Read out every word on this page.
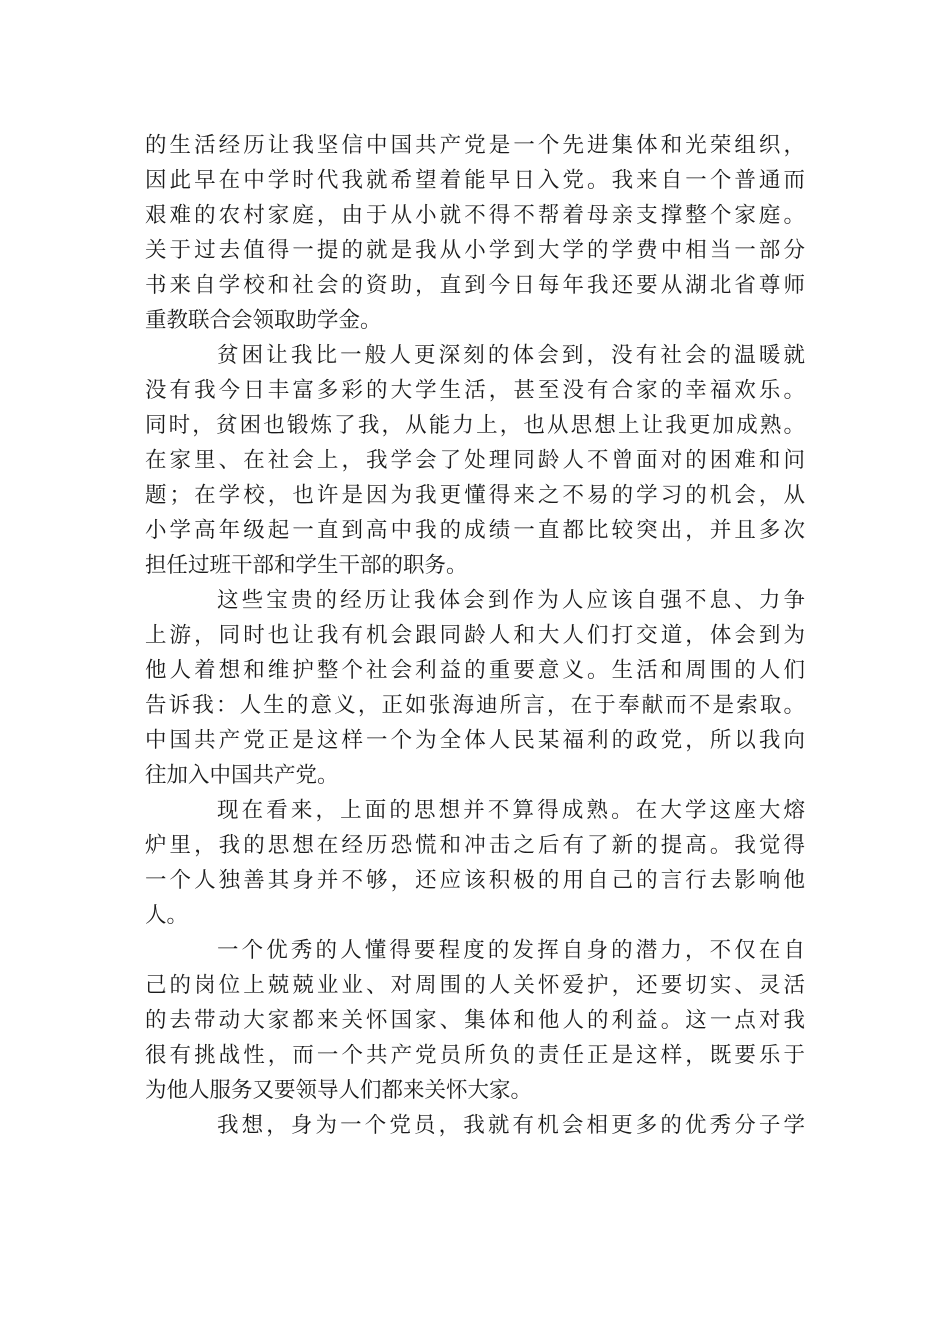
的生活经历让我坚信中国共产党是一个先进集体和光荣组织，
因此早在中学时代我就希望着能早日入党。我来自一个普通而
艰难的农村家庭，由于从小就不得不帮着母亲支撑整个家庭。
关于过去值得一提的就是我从小学到大学的学费中相当一部分
书来自学校和社会的资助，直到今日每年我还要从湖北省尊师
重教联合会领取助学金。
贫困让我比一般人更深刻的体会到，没有社会的温暖就
没有我今日丰富多彩的大学生活，甚至没有合家的幸福欢乐。
同时，贫困也锻炼了我，从能力上，也从思想上让我更加成熟。
在家里、在社会上，我学会了处理同龄人不曾面对的困难和问
题；在学校，也许是因为我更懂得来之不易的学习的机会，从
小学高年级起一直到高中我的成绩一直都比较突出，并且多次
担任过班干部和学生干部的职务。
这些宝贵的经历让我体会到作为人应该自强不息、力争
上游，同时也让我有机会跟同龄人和大人们打交道，体会到为
他人着想和维护整个社会利益的重要意义。生活和周围的人们
告诉我：人生的意义，正如张海迪所言，在于奉献而不是索取。
中国共产党正是这样一个为全体人民某福利的政党，所以我向
往加入中国共产党。
现在看来，上面的思想并不算得成熟。在大学这座大熔
炉里，我的思想在经历恐慌和冲击之后有了新的提高。我觉得
一个人独善其身并不够，还应该积极的用自己的言行去影响他
人。
一个优秀的人懂得要程度的发挥自身的潜力，不仅在自
己的岗位上兢兢业业、对周围的人关怀爱护，还要切实、灵活
的去带动大家都来关怀国家、集体和他人的利益。这一点对我
很有挑战性，而一个共产党员所负的责任正是这样，既要乐于
为他人服务又要领导人们都来关怀大家。
我想，身为一个党员，我就有机会相更多的优秀分子学
